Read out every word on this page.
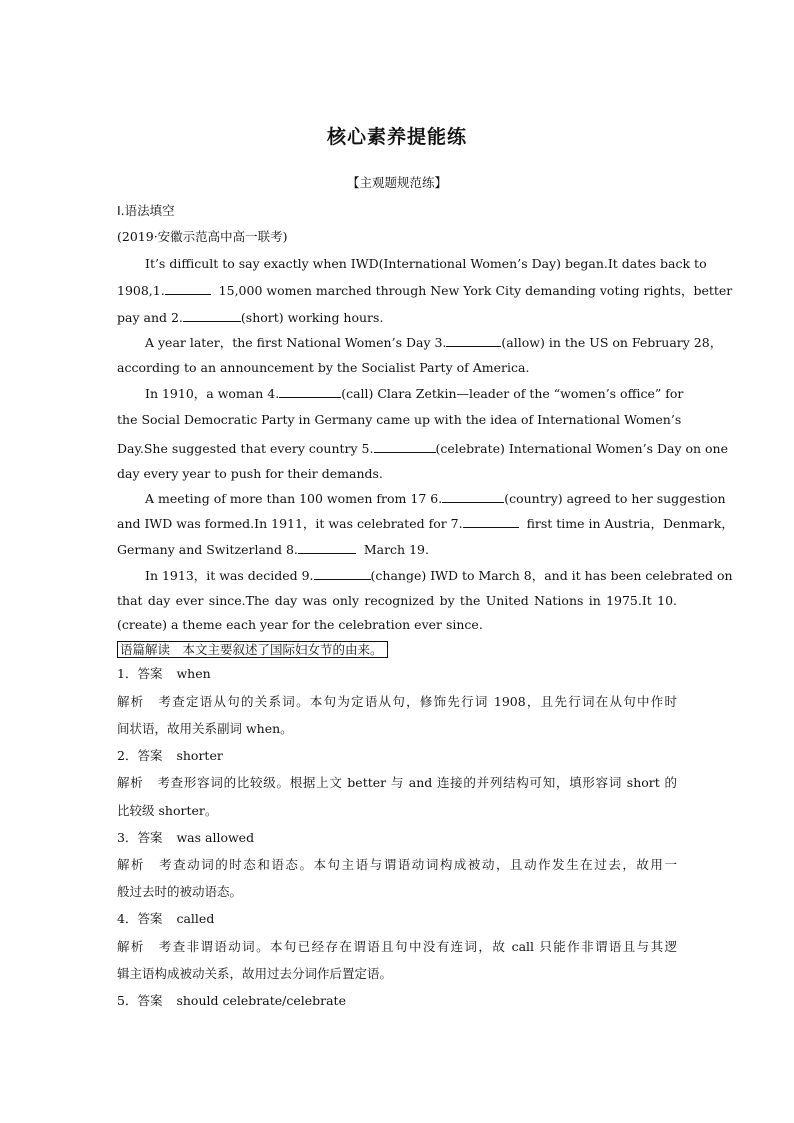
核心素养提能练
【主观题规范练】
Ⅰ.语法填空
(2019·安徽示范高中高一联考)
It’s difficult to say exactly when IWD(International Women’s Day) began.It dates back to
1908,1.	15,000 women marched through New York City demanding voting rights，better
pay and 2.	(short) working hours.
A year later，the first National Women’s Day 3.	(allow) in the US on February 28，
according to an announcement by the Socialist Party of America.
In 1910，a woman 4.	(call) Clara Zetkin—leader of the “women’s office” for
the Social Democratic Party in Germany came up with the idea of International Women’s
Day.She suggested that every country 5.	(celebrate) International Women’s Day on one
day every year to push for their demands.
A meeting of more than 100 women from 17 6.	(country) agreed to her suggestion
and IWD was formed.In 1911，it was celebrated for 7.	first time in Austria，Denmark，
Germany and Switzerland 8.	March 19.
In 1913，it was decided 9.	(change) IWD to March 8，and it has been celebrated on
that day ever since.The day was only recognized by the United Nations in 1975.It 10.
(create) a theme each year for the celebration ever since.
语篇解读　本文主要叙述了国际妇女节的由来。
1．答案 when
解析 考查定语从句的关系词。本句为定语从句，修饰先行词 1908，且先行词在从句中作时
间状语，故用关系副词 when。
2．答案 shorter
解析 考查形容词的比较级。根据上文 better 与 and 连接的并列结构可知，填形容词 short 的
比较级 shorter。
3．答案 was allowed
解析 考查动词的时态和语态。本句主语与谓语动词构成被动，且动作发生在过去，故用一
般过去时的被动语态。
4．答案 called
解析 考查非谓语动词。本句已经存在谓语且句中没有连词，故 call 只能作非谓语且与其逻
辑主语构成被动关系，故用过去分词作后置定语。
5．答案 should celebrate/celebrate
